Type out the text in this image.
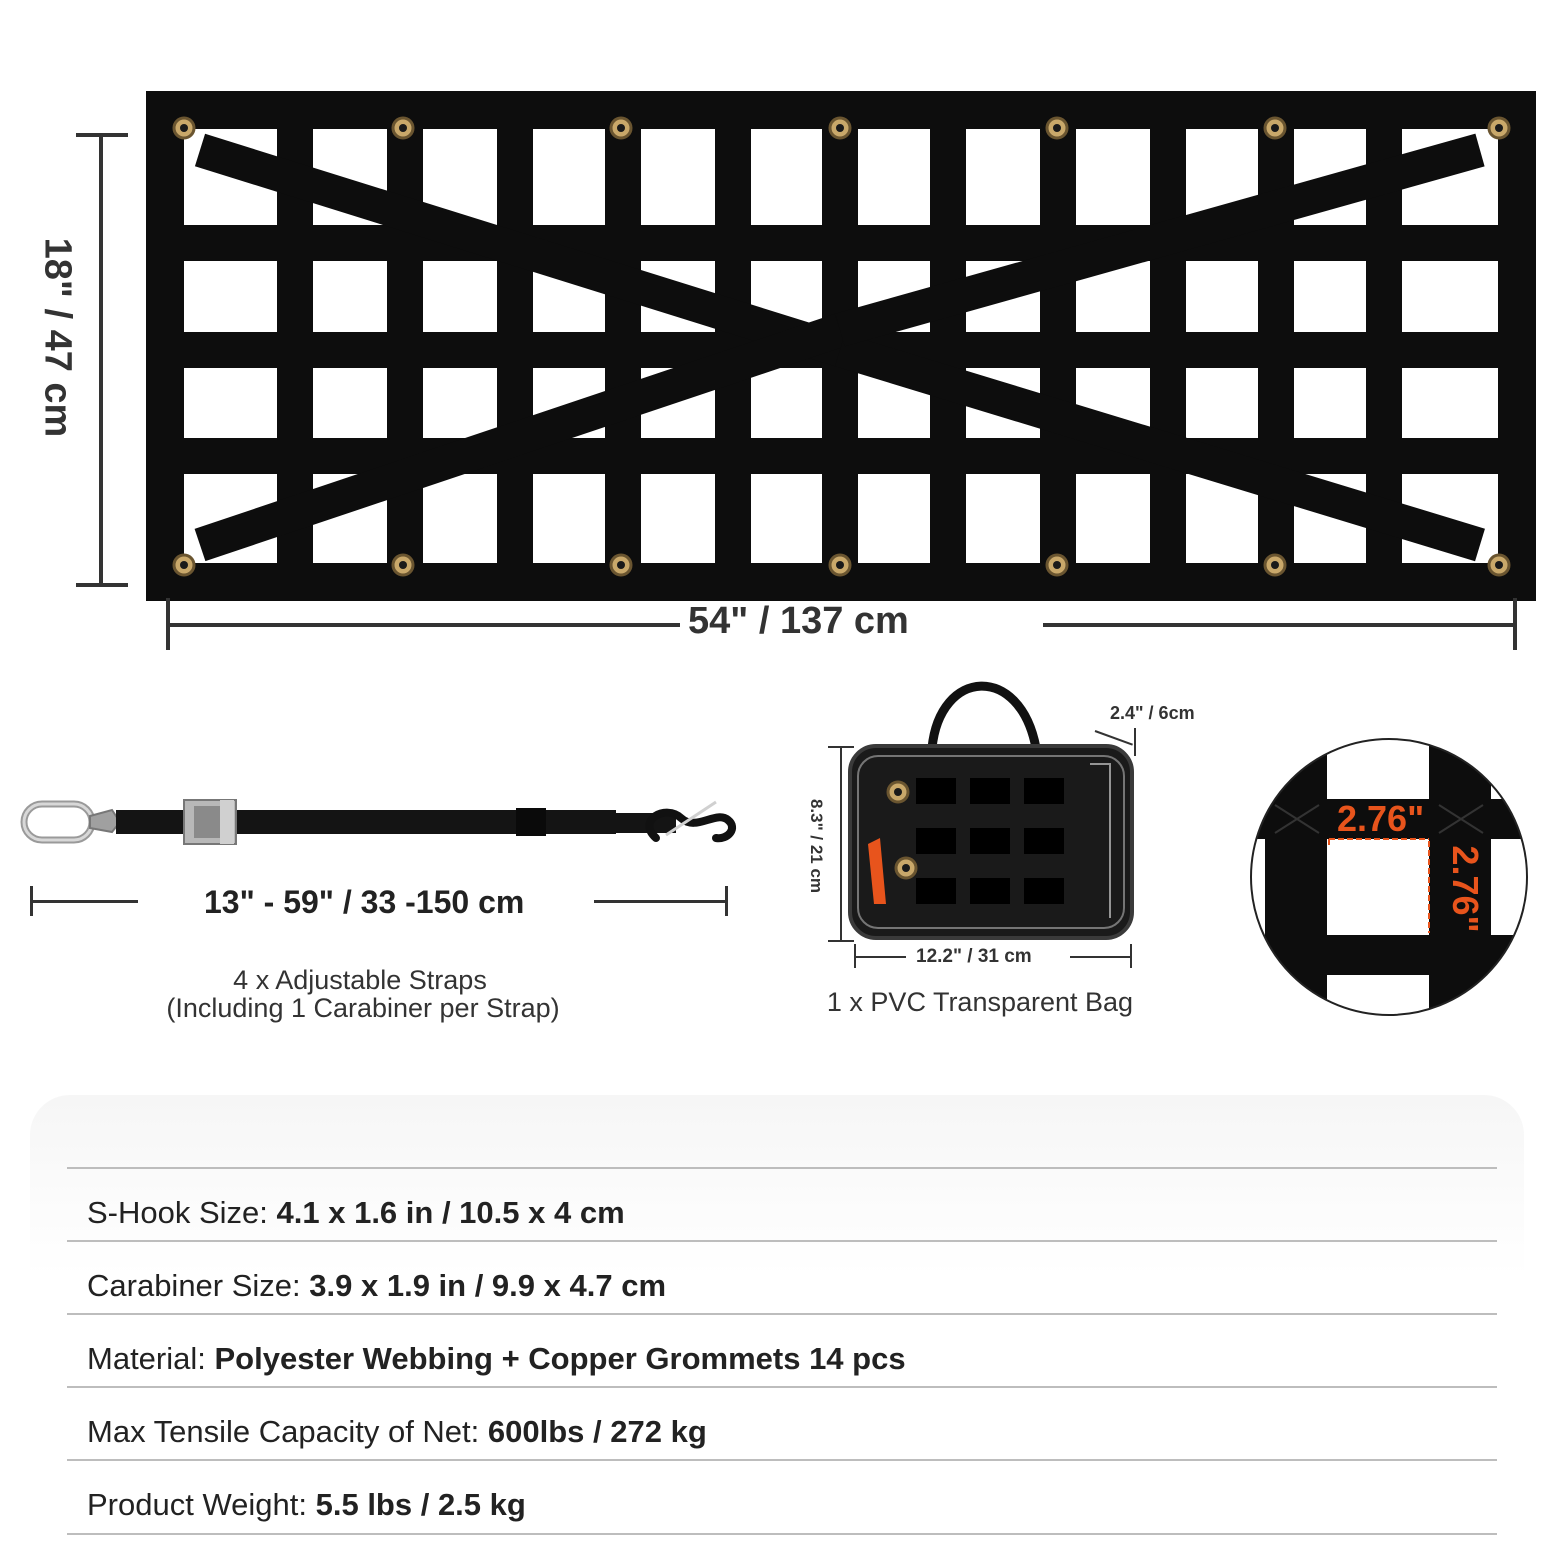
18" / 47 cm
54" / 137 cm
13" - 59" / 33 -150 cm
4 x Adjustable Straps
(Including 1 Carabiner per Strap)
2.4" / 6cm
8.3" / 21 cm
12.2" / 31 cm
1 x PVC Transparent Bag
2.76"
2.76"
S-Hook Size: 4.1 x 1.6 in / 10.5 x 4 cm
Carabiner Size: 3.9 x 1.9 in / 9.9 x 4.7 cm
Material: Polyester Webbing + Copper Grommets 14 pcs
Max Tensile Capacity of Net: 600lbs / 272 kg
Product Weight: 5.5 lbs / 2.5 kg
